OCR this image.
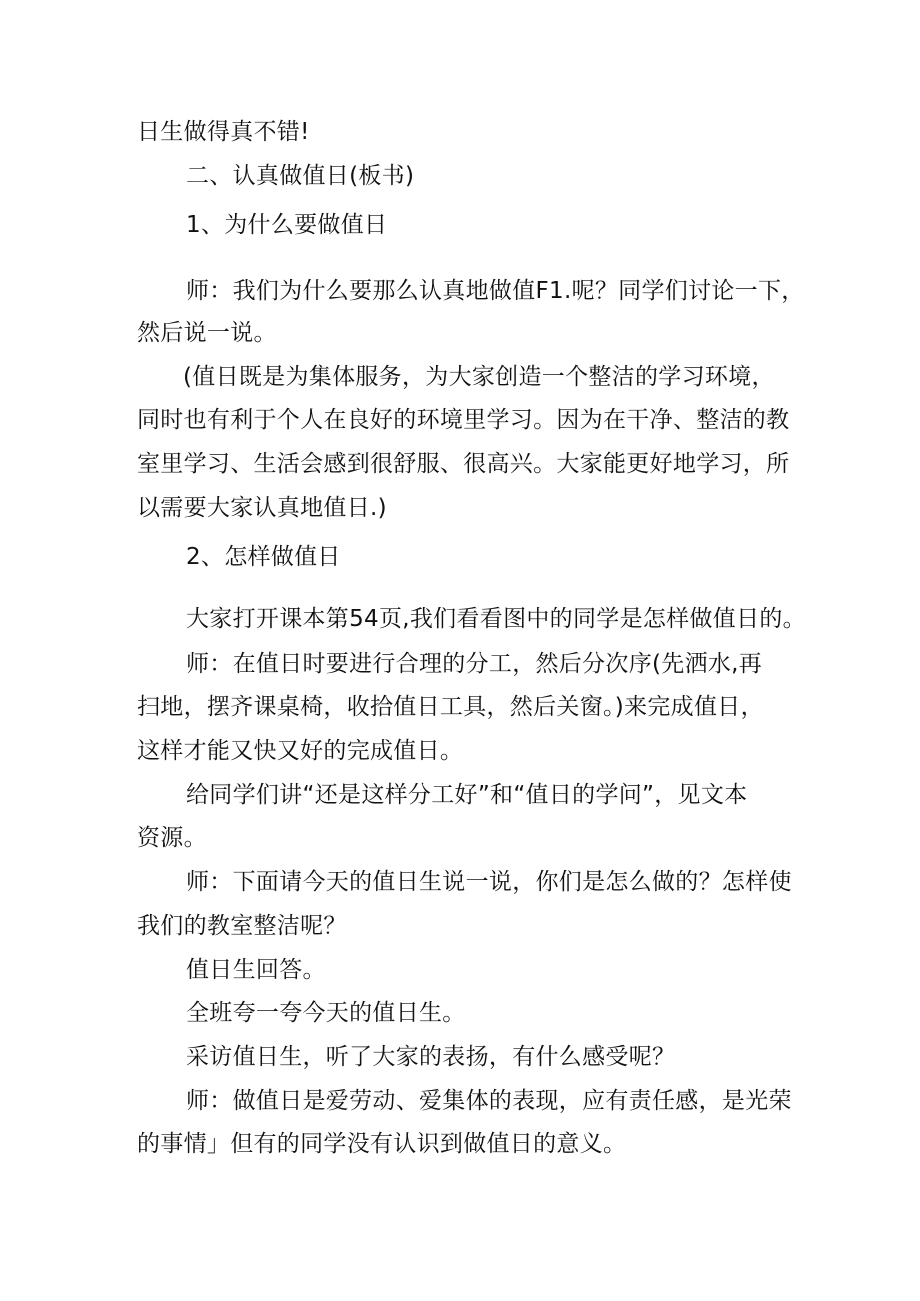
日生做得真不错!

二、认真做值日(板书)

1、为什么要做值日

师：我们为什么要那么认真地做值F1.呢？同学们讨论一下，

然后说一说。

(值日既是为集体服务，为大家创造一个整洁的学习环境，

同时也有利于个人在良好的环境里学习。因为在干净、整洁的教

室里学习、生活会感到很舒服、很高兴。大家能更好地学习，所

以需要大家认真地值日.)

2、怎样做值日

大家打开课本第54页,我们看看图中的同学是怎样做值日的。

师：在值日时要进行合理的分工，然后分次序(先洒水,再

扫地，摆齐课桌椅，收拾值日工具，然后关窗。)来完成值日，

这样才能又快又好的完成值日。

给同学们讲“还是这样分工好”和“值日的学问”，见文本

资源。

师：下面请今天的值日生说一说，你们是怎么做的？怎样使

我们的教室整洁呢？

值日生回答。

全班夸一夸今天的值日生。

采访值日生，听了大家的表扬，有什么感受呢？

师：做值日是爱劳动、爱集体的表现，应有责任感，是光荣

的事情」但有的同学没有认识到做值日的意义。
